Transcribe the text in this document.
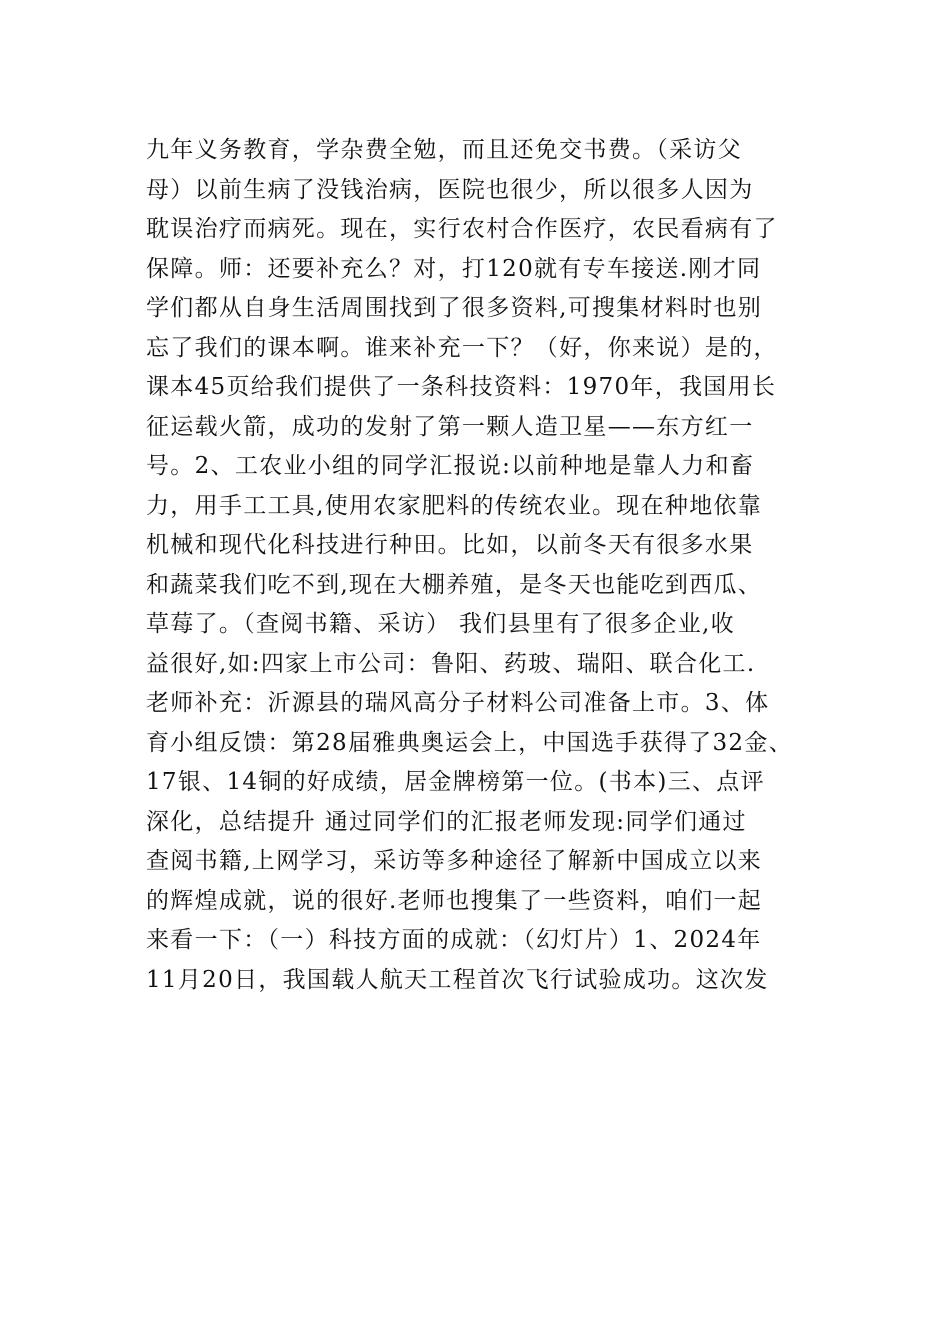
九年义务教育，学杂费全勉，而且还免交书费。（采访父
母）以前生病了没钱治病，医院也很少，所以很多人因为
耽误治疗而病死。现在，实行农村合作医疗，农民看病有了
保障。师：还要补充么？对，打120就有专车接送.刚才同
学们都从自身生活周围找到了很多资料,可搜集材料时也别
忘了我们的课本啊。谁来补充一下？（好，你来说）是的，
课本45页给我们提供了一条科技资料：1970年，我国用长
征运载火箭，成功的发射了第一颗人造卫星——东方红一
号。2、工农业小组的同学汇报说:以前种地是靠人力和畜
力，用手工工具,使用农家肥料的传统农业。现在种地依靠
机械和现代化科技进行种田。比如，以前冬天有很多水果
和蔬菜我们吃不到,现在大棚养殖，是冬天也能吃到西瓜、
草莓了。（查阅书籍、采访） 我们县里有了很多企业,收
益很好,如:四家上市公司：鲁阳、药玻、瑞阳、联合化工.
老师补充：沂源县的瑞风高分子材料公司准备上市。3、体
育小组反馈：第28届雅典奥运会上，中国选手获得了32金、
17银、14铜的好成绩，居金牌榜第一位。(书本)三、点评
深化，总结提升 通过同学们的汇报老师发现:同学们通过
查阅书籍,上网学习，采访等多种途径了解新中国成立以来
的辉煌成就，说的很好.老师也搜集了一些资料，咱们一起
来看一下：（一）科技方面的成就：（幻灯片）1、2024年
11月20日，我国载人航天工程首次飞行试验成功。这次发
